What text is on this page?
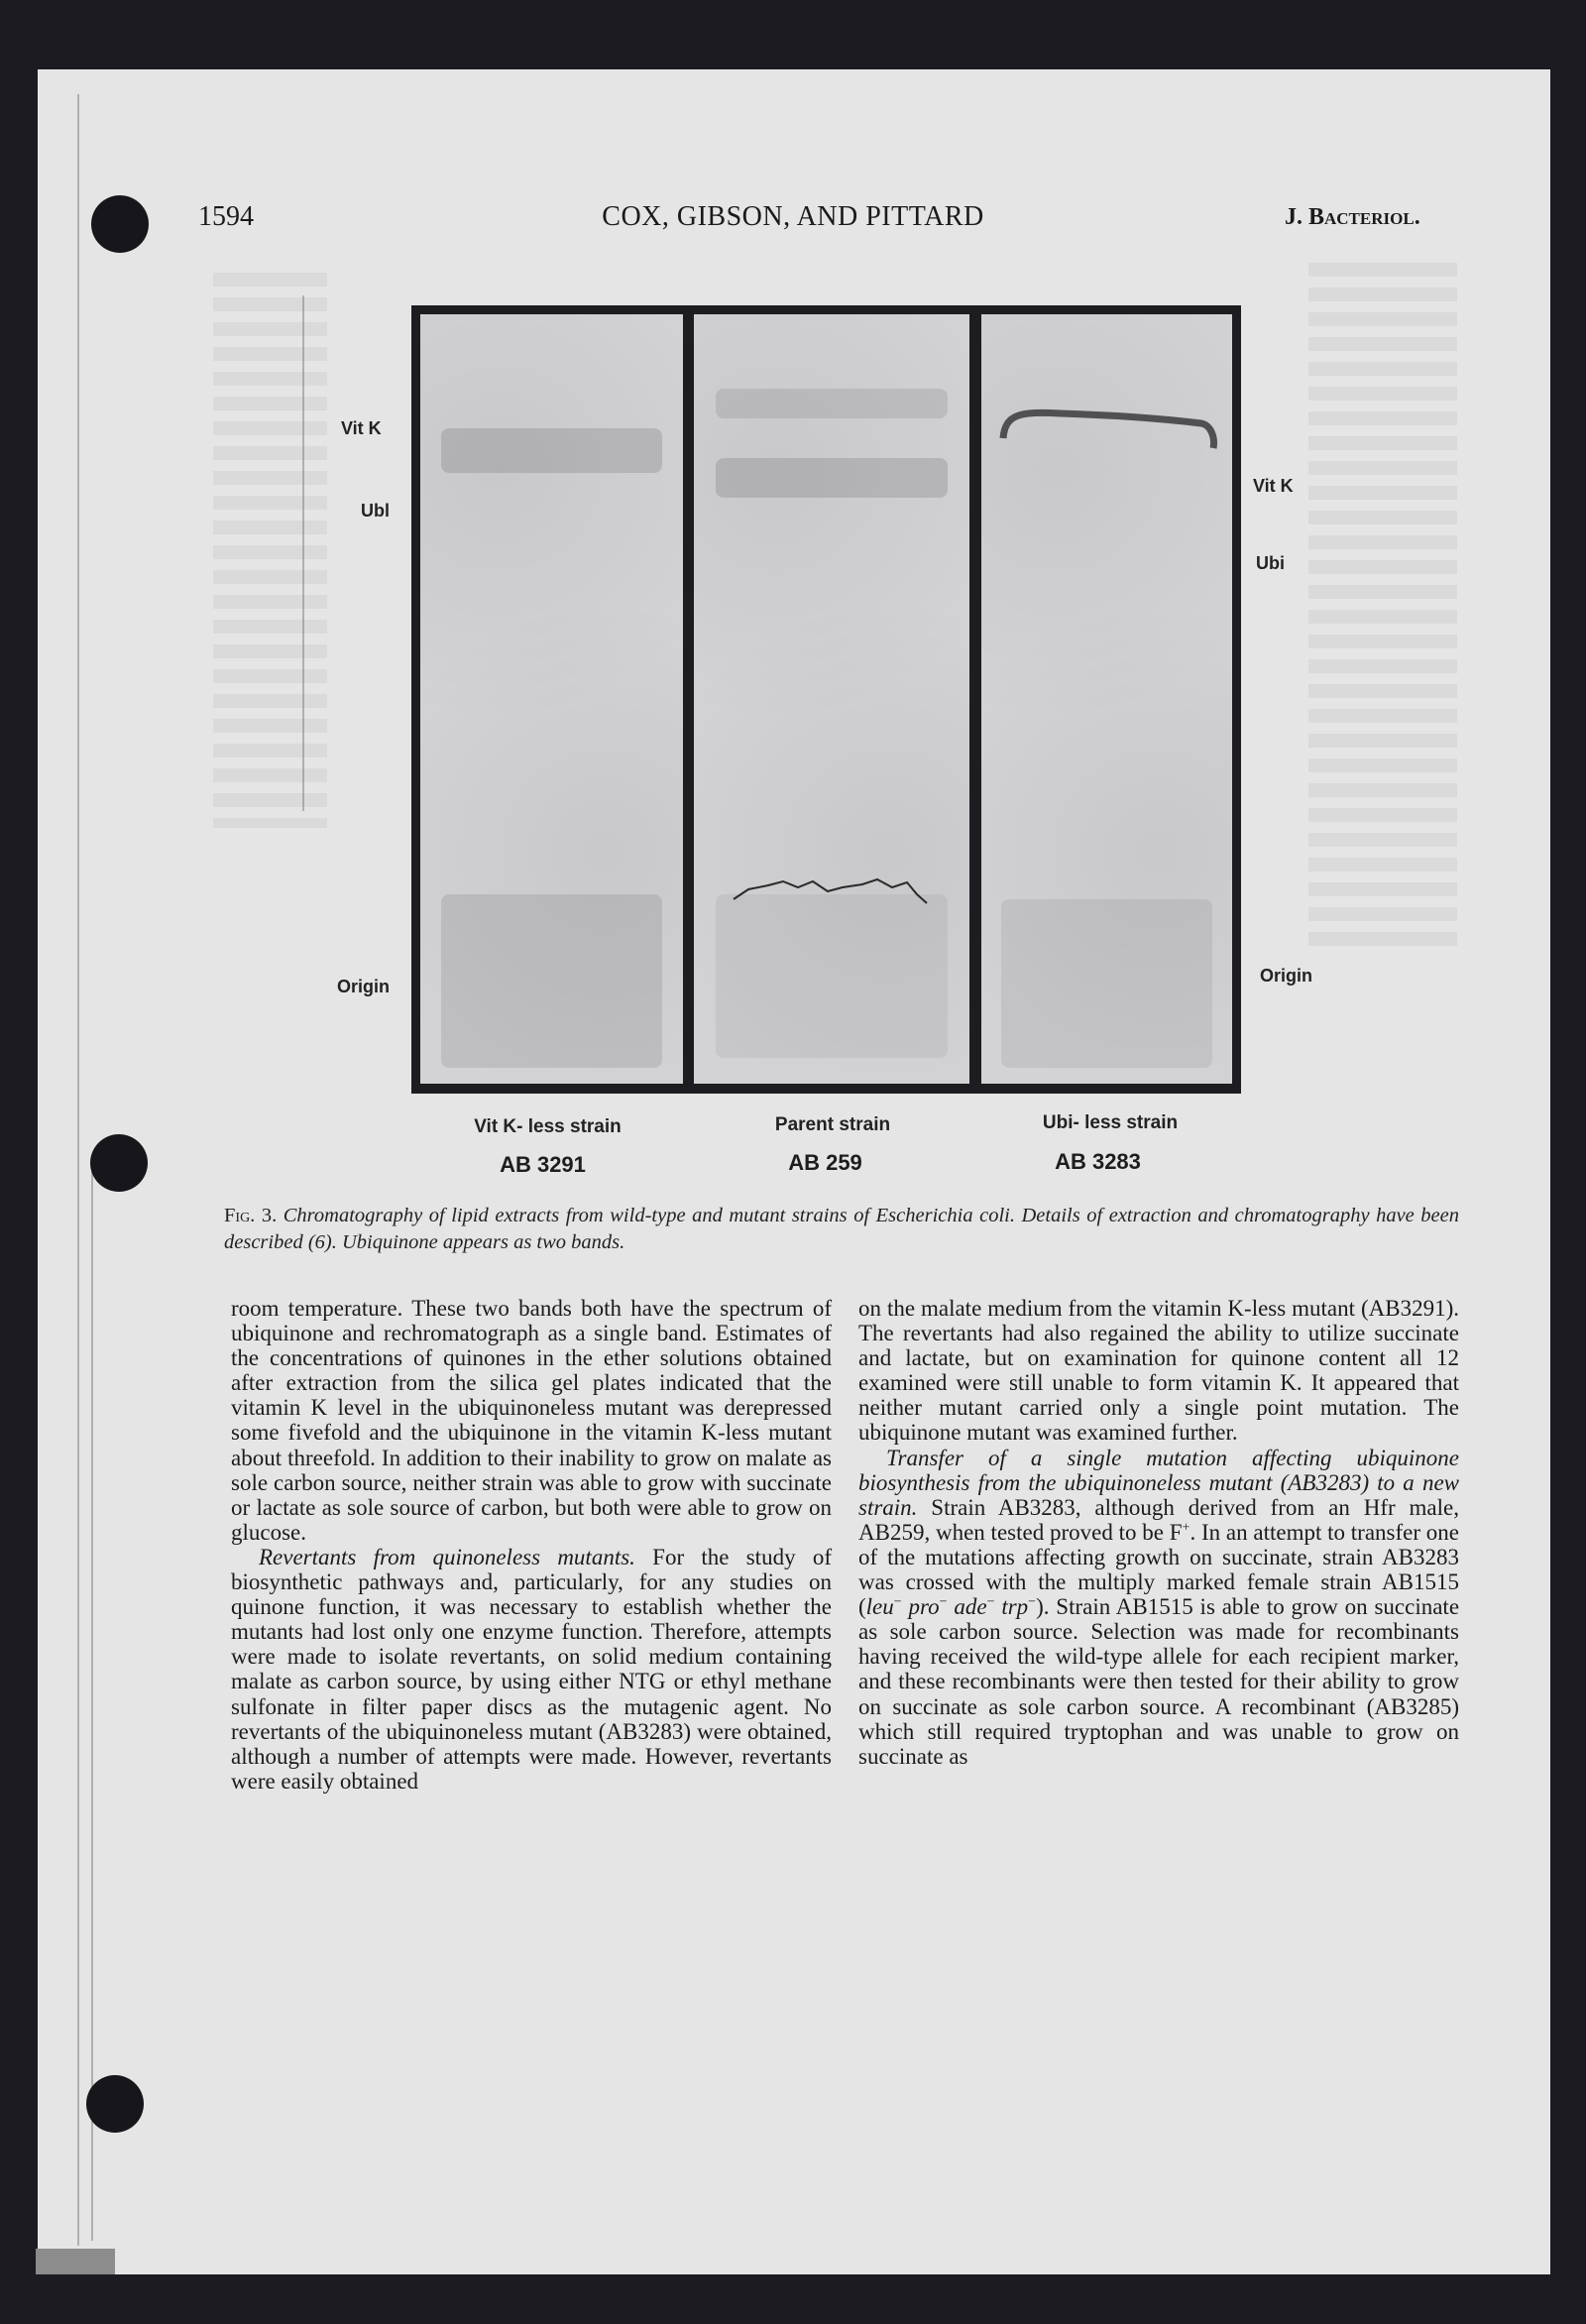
1594	COX, GIBSON, AND PITTARD	J. Bacteriol.
Vit K
Ubl
Origin
Vit K
Ubi
Origin
Vit K- less strain	Parent strain	Ubi- less strain
AB 3291	AB 259	AB 3283
Fig. 3. Chromatography of lipid extracts from wild-type and mutant strains of Escherichia coli. Details of extraction and chromatography have been described (6). Ubiquinone appears as two bands.

room temperature. These two bands both have the spectrum of ubiquinone and rechromatograph as a single band. Estimates of the concentrations of quinones in the ether solutions obtained after extraction from the silica gel plates indicated that the vitamin K level in the ubiquinoneless mutant was derepressed some fivefold and the ubiquinone in the vitamin K-less mutant about threefold. In addition to their inability to grow on malate as sole carbon source, neither strain was able to grow with succinate or lactate as sole source of carbon, but both were able to grow on glucose.

Revertants from quinoneless mutants. For the study of biosynthetic pathways and, particularly, for any studies on quinone function, it was necessary to establish whether the mutants had lost only one enzyme function. Therefore, attempts were made to isolate revertants, on solid medium containing malate as carbon source, by using either NTG or ethyl methane sulfonate in filter paper discs as the mutagenic agent. No revertants of the ubiquinoneless mutant (AB3283) were obtained, although a number of attempts were made. However, revertants were easily obtained

on the malate medium from the vitamin K-less mutant (AB3291). The revertants had also regained the ability to utilize succinate and lactate, but on examination for quinone content all 12 examined were still unable to form vitamin K. It appeared that neither mutant carried only a single point mutation. The ubiquinone mutant was examined further.

Transfer of a single mutation affecting ubiquinone biosynthesis from the ubiquinoneless mutant (AB3283) to a new strain. Strain AB3283, although derived from an Hfr male, AB259, when tested proved to be F+. In an attempt to transfer one of the mutations affecting growth on succinate, strain AB3283 was crossed with the multiply marked female strain AB1515 (leu− pro− ade− trp−). Strain AB1515 is able to grow on succinate as sole carbon source. Selection was made for recombinants having received the wild-type allele for each recipient marker, and these recombinants were then tested for their ability to grow on succinate as sole carbon source. A recombinant (AB3285) which still required tryptophan and was unable to grow on succinate as
